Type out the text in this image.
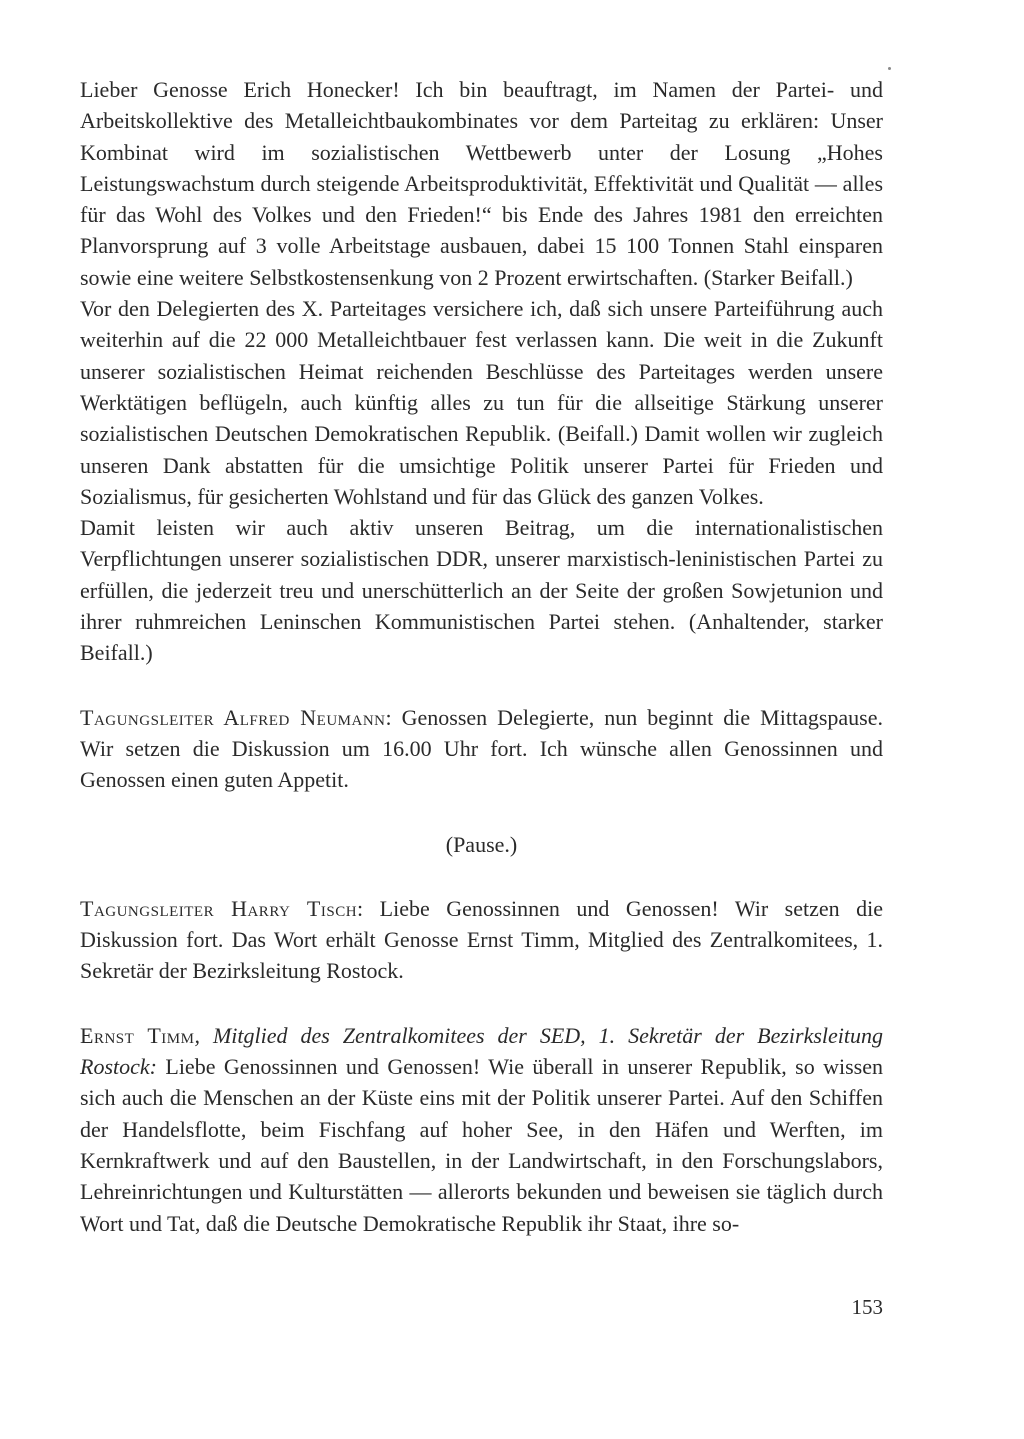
Lieber Genosse Erich Honecker! Ich bin beauftragt, im Namen der Partei- und Arbeitskollektive des Metalleichtbaukombinates vor dem Parteitag zu erklären: Unser Kombinat wird im sozialistischen Wettbewerb unter der Losung „Hohes Leistungswachstum durch steigende Arbeitsproduktivität, Effektivität und Qualität — alles für das Wohl des Volkes und den Frieden!“ bis Ende des Jahres 1981 den erreichten Planvorsprung auf 3 volle Arbeitstage ausbauen, dabei 15 100 Tonnen Stahl einsparen sowie eine weitere Selbstkostensenkung von 2 Prozent erwirtschaften. (Starker Beifall.)

Vor den Delegierten des X. Parteitages versichere ich, daß sich unsere Parteiführung auch weiterhin auf die 22 000 Metalleichtbauer fest verlassen kann. Die weit in die Zukunft unserer sozialistischen Heimat reichenden Beschlüsse des Parteitages werden unsere Werktätigen beflügeln, auch künftig alles zu tun für die allseitige Stärkung unserer sozialistischen Deutschen Demokratischen Republik. (Beifall.) Damit wollen wir zugleich unseren Dank abstatten für die umsichtige Politik unserer Partei für Frieden und Sozialismus, für gesicherten Wohlstand und für das Glück des ganzen Volkes.

Damit leisten wir auch aktiv unseren Beitrag, um die internationalistischen Verpflichtungen unserer sozialistischen DDR, unserer marxistisch-leninistischen Partei zu erfüllen, die jederzeit treu und unerschütterlich an der Seite der großen Sowjetunion und ihrer ruhmreichen Leninschen Kommunistischen Partei stehen. (Anhaltender, starker Beifall.)

Tagungsleiter Alfred Neumann: Genossen Delegierte, nun beginnt die Mittagspause. Wir setzen die Diskussion um 16.00 Uhr fort. Ich wünsche allen Genossinnen und Genossen einen guten Appetit.

(Pause.)

Tagungsleiter Harry Tisch: Liebe Genossinnen und Genossen! Wir setzen die Diskussion fort. Das Wort erhält Genosse Ernst Timm, Mitglied des Zentralkomitees, 1. Sekretär der Bezirksleitung Rostock.

Ernst Timm, Mitglied des Zentralkomitees der SED, 1. Sekretär der Bezirksleitung Rostock: Liebe Genossinnen und Genossen! Wie überall in unserer Republik, so wissen sich auch die Menschen an der Küste eins mit der Politik unserer Partei. Auf den Schiffen der Handelsflotte, beim Fischfang auf hoher See, in den Häfen und Werften, im Kernkraftwerk und auf den Baustellen, in der Landwirtschaft, in den Forschungslabors, Lehreinrichtungen und Kulturstätten — allerorts bekunden und beweisen sie täglich durch Wort und Tat, daß die Deutsche Demokratische Republik ihr Staat, ihre so-

153
